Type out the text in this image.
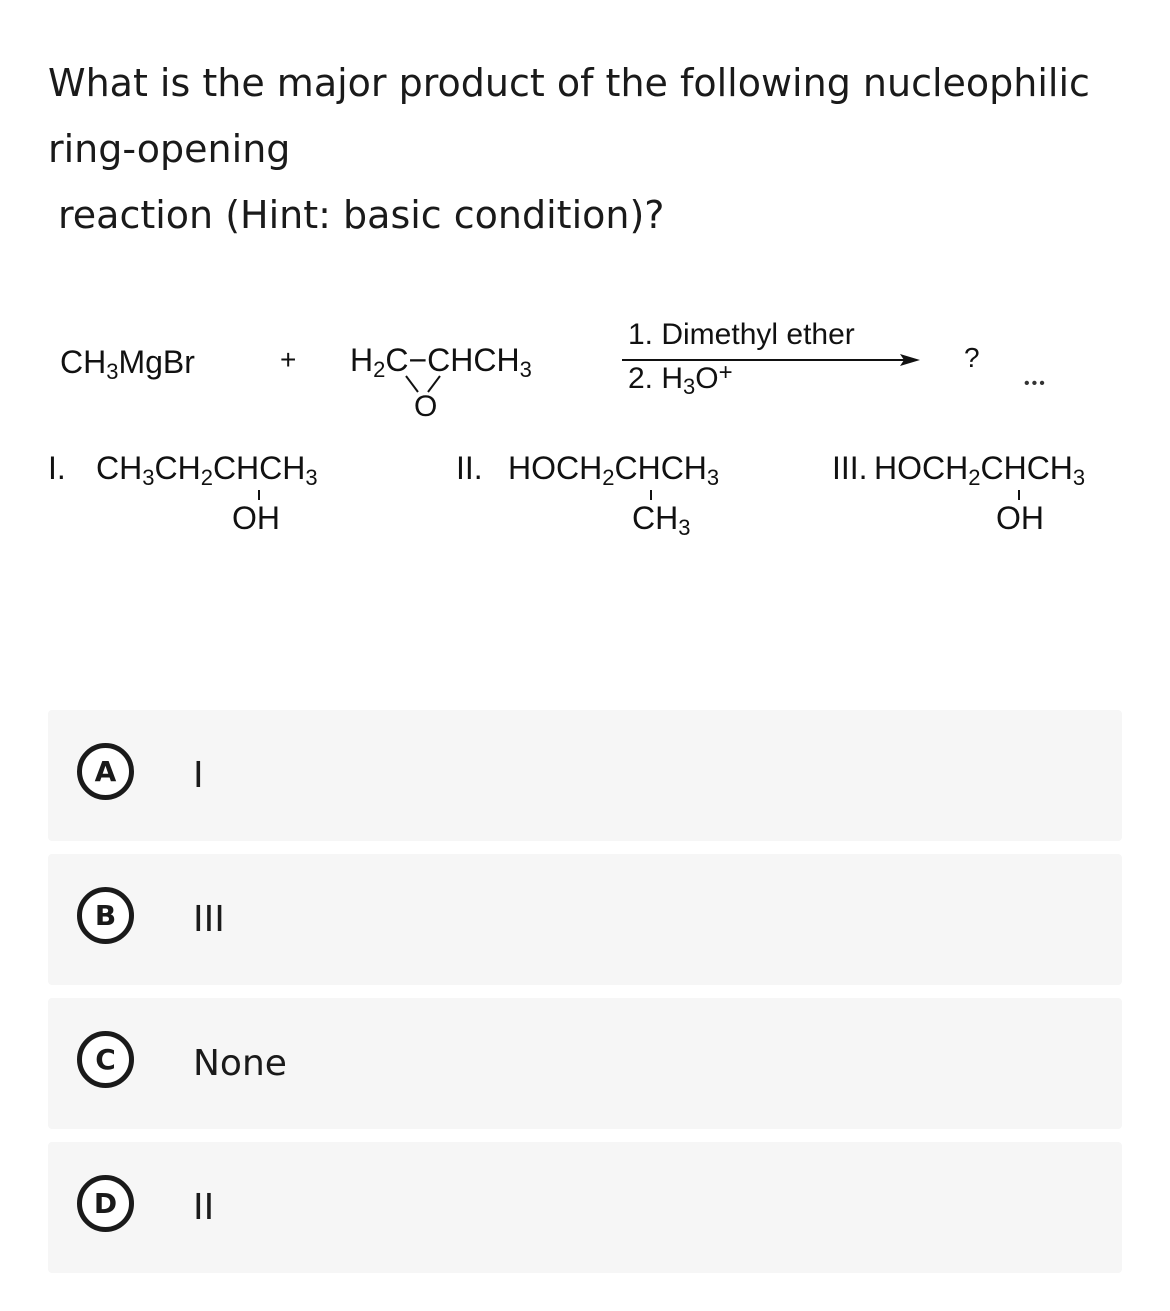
What is the major product of the following nucleophilic
ring-opening
reaction (Hint: basic condition)?
$CH_3MgBr$	+ $H_2C-CHCH_3$
O
1. Dimethyl ether
2. $H_3O^+$	?
•••
I. $CH_3CH_2CHCH_3$
OH
II. $HOCH_2CHCH_3$
$CH_3$
III. $HOCH_2CHCH_3$
OH
A	I
B	III
C	None
D	II
